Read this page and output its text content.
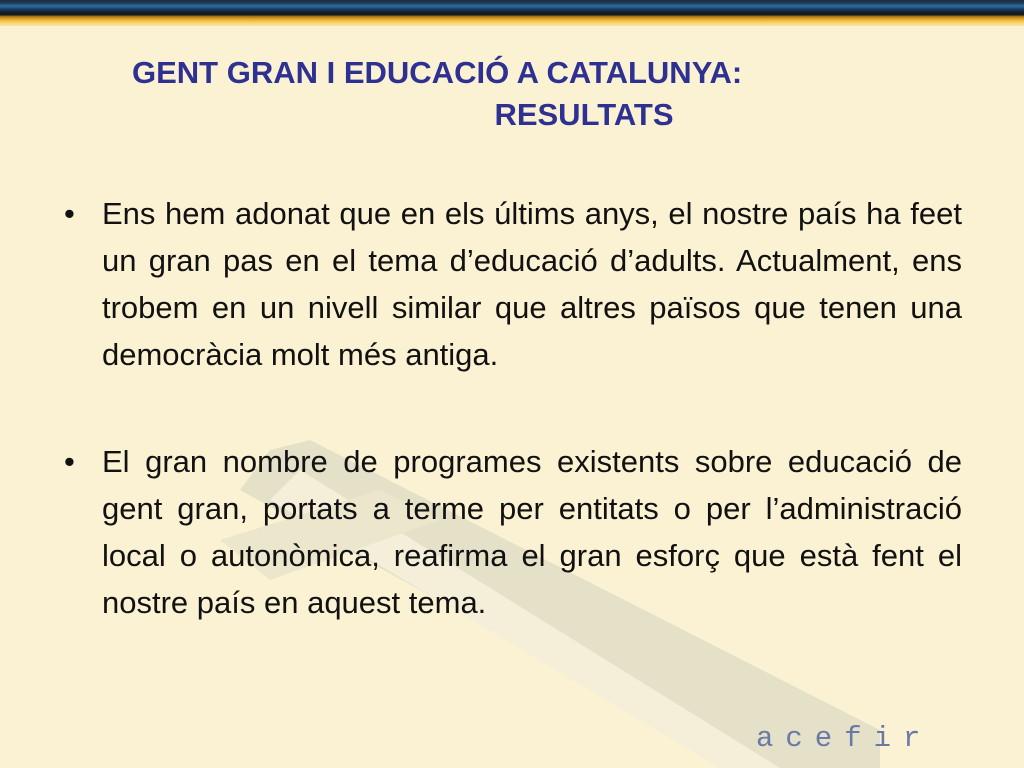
GENT GRAN I EDUCACIÓ A CATALUNYA:
RESULTATS
• Ens hem adonat que en els últims anys, el nostre país ha feet un gran pas en el tema d’educació d’adults. Actualment, ens trobem en un nivell similar que altres països que tenen una democràcia molt més antiga.
• El gran nombre de programes existents sobre educació de gent gran, portats a terme per entitats o per l’administració local o autonòmica, reafirma el gran esforç que està fent el nostre país en aquest tema.
acefir
